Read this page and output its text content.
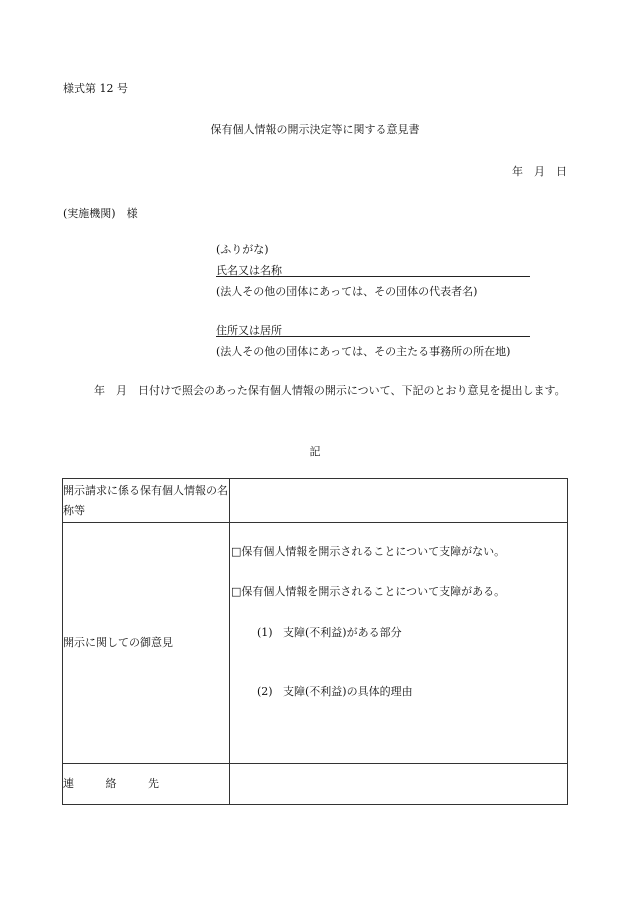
様式第 12 号
保有個人情報の開示決定等に関する意見書
年　月　日
(実施機関)　様
(ふりがな)
氏名又は名称
(法人その他の団体にあっては、その団体の代表者名)
住所又は居所
(法人その他の団体にあっては、その主たる事務所の所在地)
年　月　日付けで照会のあった保有個人情報の開示について、下記のとおり意見を提出します。
記
開示請求に係る保有個人情報の名称等	
開示に関しての御意見	□保有個人情報を開示されることについて支障がない。
□保有個人情報を開示されることについて支障がある。
(1) 支障(不利益)がある部分
(2) 支障(不利益)の具体的理由

連 絡 先	
